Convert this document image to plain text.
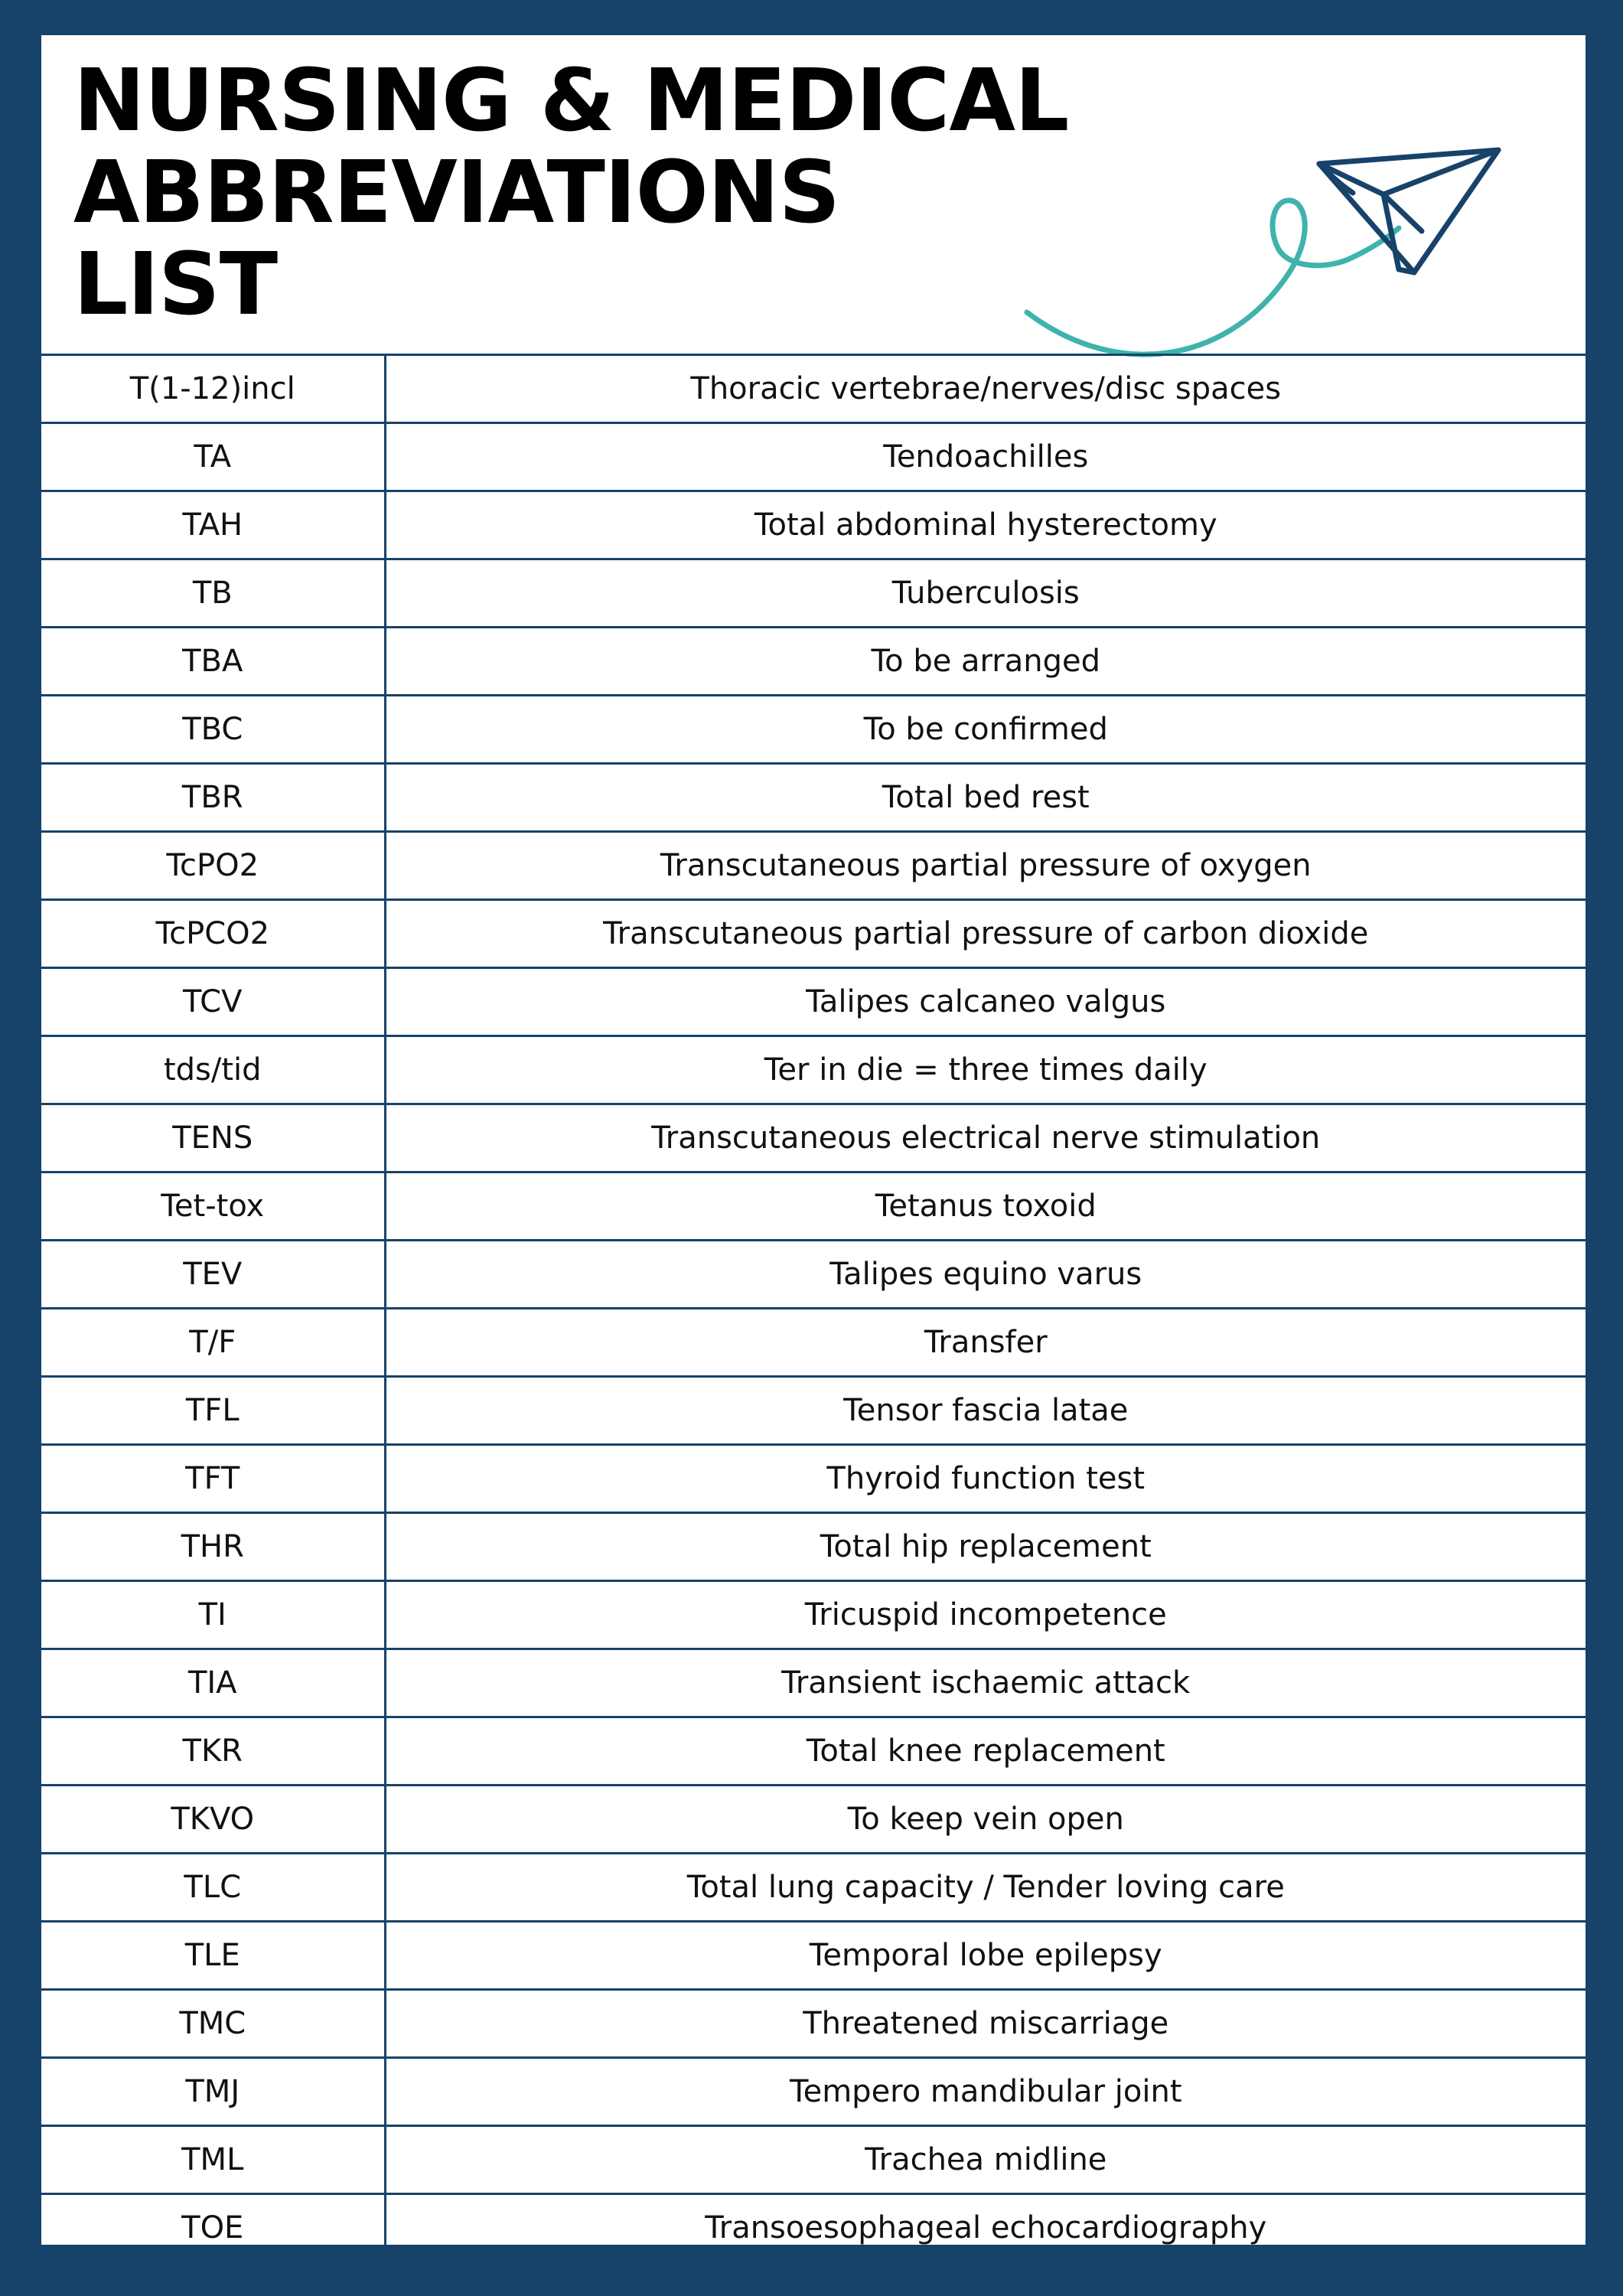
NURSING & MEDICAL
ABBREVIATIONS
LIST
T(1-12)incl	Thoracic vertebrae/nerves/disc spaces
TA	Tendoachilles
TAH	Total abdominal hysterectomy
TB	Tuberculosis
TBA	To be arranged
TBC	To be confirmed
TBR	Total bed rest
TcPO2	Transcutaneous partial pressure of oxygen
TcPCO2	Transcutaneous partial pressure of carbon dioxide
TCV	Talipes calcaneo valgus
tds/tid	Ter in die = three times daily
TENS	Transcutaneous electrical nerve stimulation
Tet-tox	Tetanus toxoid
TEV	Talipes equino varus
T/F	Transfer
TFL	Tensor fascia latae
TFT	Thyroid function test
THR	Total hip replacement
TI	Tricuspid incompetence
TIA	Transient ischaemic attack
TKR	Total knee replacement
TKVO	To keep vein open
TLC	Total lung capacity / Tender loving care
TLE	Temporal lobe epilepsy
TMC	Threatened miscarriage
TMJ	Tempero mandibular joint
TML	Trachea midline
TOE	Transoesophageal echocardiography
